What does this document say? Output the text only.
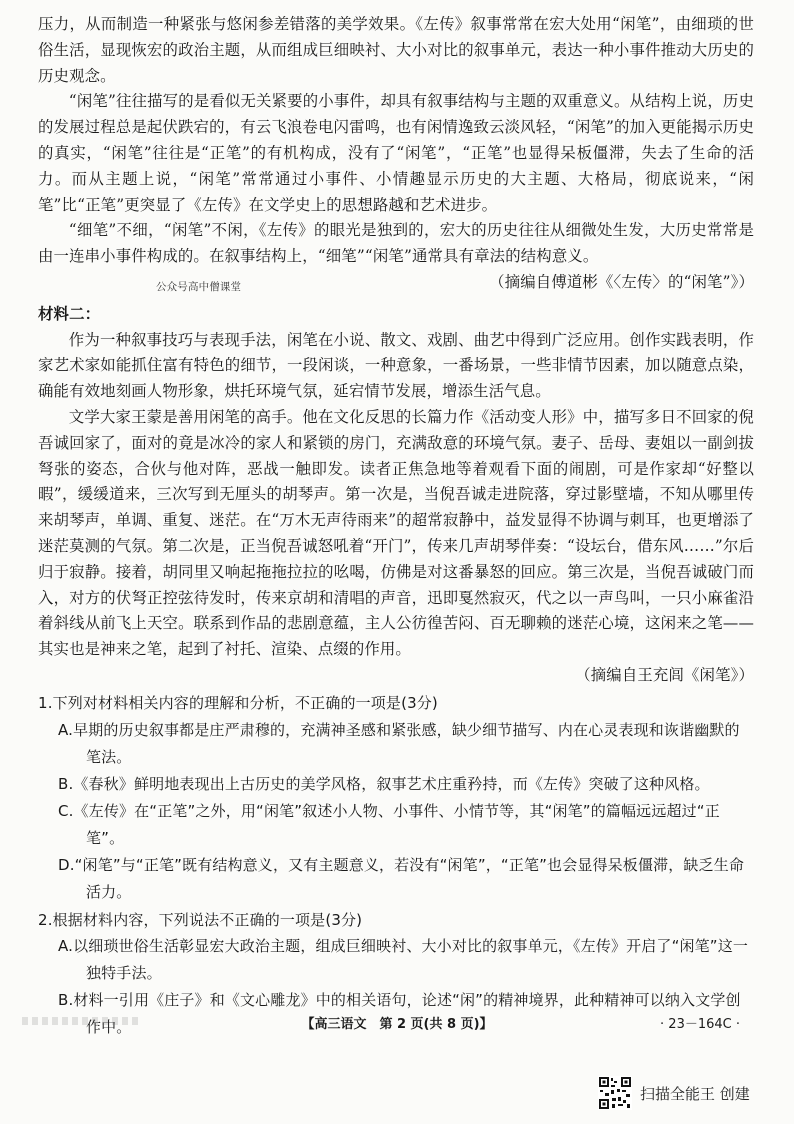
压力，从而制造一种紧张与悠闲参差错落的美学效果。《左传》叙事常常在宏大处用“闲笔”，由细琐的世俗生活，显现恢宏的政治主题，从而组成巨细映衬、大小对比的叙事单元，表达一种小事件推动大历史的历史观念。

“闲笔”往往描写的是看似无关紧要的小事件，却具有叙事结构与主题的双重意义。从结构上说，历史的发展过程总是起伏跌宕的，有云飞浪卷电闪雷鸣，也有闲情逸致云淡风轻，“闲笔”的加入更能揭示历史的真实，“闲笔”往往是“正笔”的有机构成，没有了“闲笔”，“正笔”也显得呆板僵滞，失去了生命的活力。而从主题上说，“闲笔”常常通过小事件、小情趣显示历史的大主题、大格局，彻底说来，“闲笔”比“正笔”更突显了《左传》在文学史上的思想路越和艺术进步。

“细笔”不细，“闲笔”不闲，《左传》的眼光是独到的，宏大的历史往往从细微处生发，大历史常常是由一连串小事件构成的。在叙事结构上，“细笔”“闲笔”通常具有章法的结构意义。

公众号高中僧课堂	（摘编自傅道彬《〈左传〉的“闲笔”》）

材料二：

作为一种叙事技巧与表现手法，闲笔在小说、散文、戏剧、曲艺中得到广泛应用。创作实践表明，作家艺术家如能抓住富有特色的细节，一段闲谈，一种意象，一番场景，一些非情节因素，加以随意点染，确能有效地刻画人物形象，烘托环境气氛，延宕情节发展，增添生活气息。

文学大家王蒙是善用闲笔的高手。他在文化反思的长篇力作《活动变人形》中，描写多日不回家的倪吾诚回家了，面对的竟是冰冷的家人和紧锁的房门，充满敌意的环境气氛。妻子、岳母、妻姐以一副剑拔弩张的姿态，合伙与他对阵，恶战一触即发。读者正焦急地等着观看下面的闹剧，可是作家却“好整以暇”，缓缓道来，三次写到无厘头的胡琴声。第一次是，当倪吾诚走进院落，穿过影壁墙，不知从哪里传来胡琴声，单调、重复、迷茫。在“万木无声待雨来”的超常寂静中，益发显得不协调与刺耳，也更增添了迷茫莫测的气氛。第二次是，正当倪吾诚怒吼着“开门”，传来几声胡琴伴奏：“设坛台，借东风……”尔后归于寂静。接着，胡同里又响起拖拖拉拉的吆喝，仿佛是对这番暴怒的回应。第三次是，当倪吾诚破门而入，对方的伏弩正控弦待发时，传来京胡和清唱的声音，迅即戛然寂灭，代之以一声鸟叫，一只小麻雀沿着斜线从前飞上天空。联系到作品的悲剧意蕴，主人公彷徨苦闷、百无聊赖的迷茫心境，这闲来之笔——其实也是神来之笔，起到了衬托、渲染、点缀的作用。

（摘编自王充闾《闲笔》）

1.下列对材料相关内容的理解和分析，不正确的一项是(3分)

A.早期的历史叙事都是庄严肃穆的，充满神圣感和紧张感，缺少细节描写、内在心灵表现和诙谐幽默的笔法。

B.《春秋》鲜明地表现出上古历史的美学风格，叙事艺术庄重矜持，而《左传》突破了这种风格。

C.《左传》在“正笔”之外，用“闲笔”叙述小人物、小事件、小情节等，其“闲笔”的篇幅远远超过“正笔”。

D.“闲笔”与“正笔”既有结构意义，又有主题意义，若没有“闲笔”，“正笔”也会显得呆板僵滞，缺乏生命活力。

2.根据材料内容，下列说法不正确的一项是(3分)

A.以细琐世俗生活彰显宏大政治主题，组成巨细映衬、大小对比的叙事单元，《左传》开启了“闲笔”这一独特手法。

B.材料一引用《庄子》和《文心雕龙》中的相关语句，论述“闲”的精神境界，此种精神可以纳入文学创作中。	【高三语文　第 2 页(共 8 页)】	· 23－164C ·
扫描全能王 创建
